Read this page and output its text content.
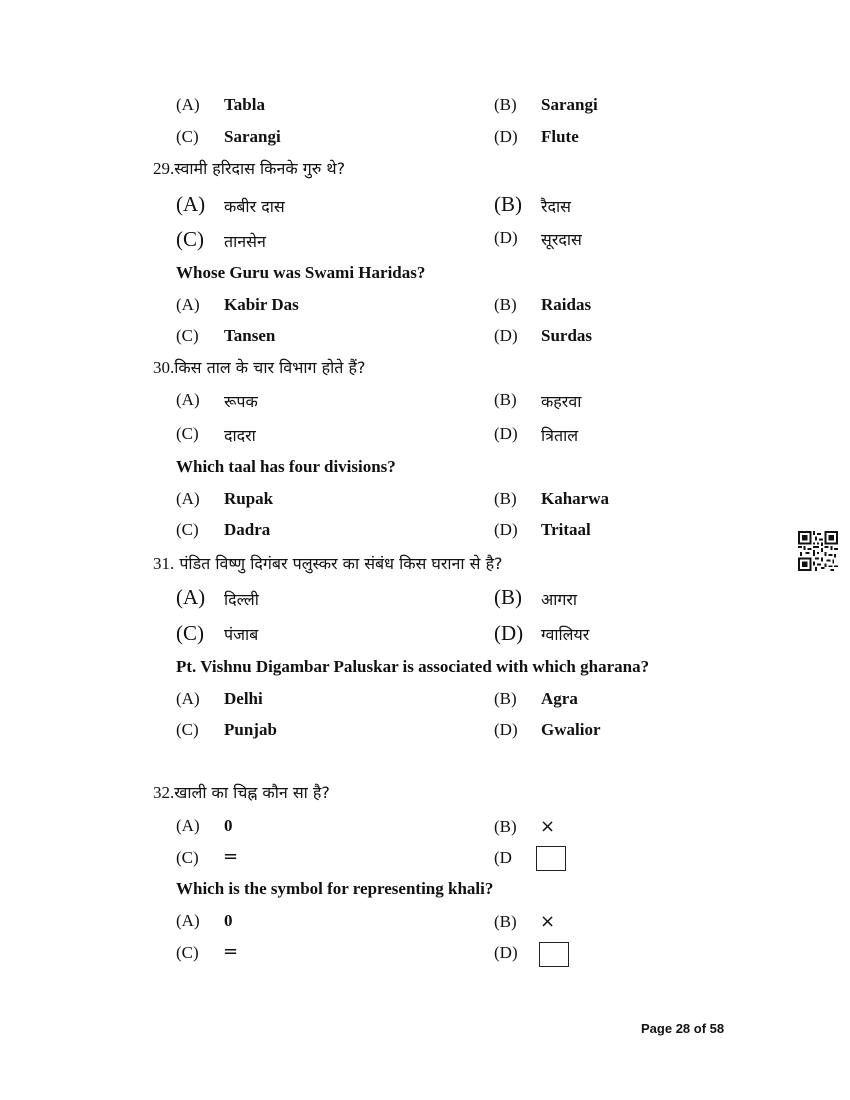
(A) Tabla	(B) Sarangi
(C) Sarangi	(D) Flute
29.स्वामी हरिदास किनके गुरु थे?
(A) कबीर दास	(B) रैदास
(C) तानसेन	(D) सूरदास
Whose Guru was Swami Haridas?
(A) Kabir Das	(B) Raidas
(C) Tansen	(D) Surdas
30.किस ताल के चार विभाग होते हैं?
(A) रूपक	(B) कहरवा
(C) दादरा	(D) त्रिताल
Which taal has four divisions?
(A) Rupak	(B) Kaharwa
(C) Dadra	(D) Tritaal
31. पंडित विष्णु दिगंबर पलुस्कर का संबंध किस घराना से है?
(A) दिल्ली	(B) आगरा
(C) पंजाब	(D) ग्वालियर
Pt. Vishnu Digambar Paluskar is associated with which gharana?
(A) Delhi	(B) Agra
(C) Punjab	(D) Gwalior
32.खाली का चिह्न कौन सा है?
(A) 0	(B) ×
(C) =	(D
Which is the symbol for representing khali?
(A) 0	(B) ×
(C) =	(D)
Page 28 of 58
